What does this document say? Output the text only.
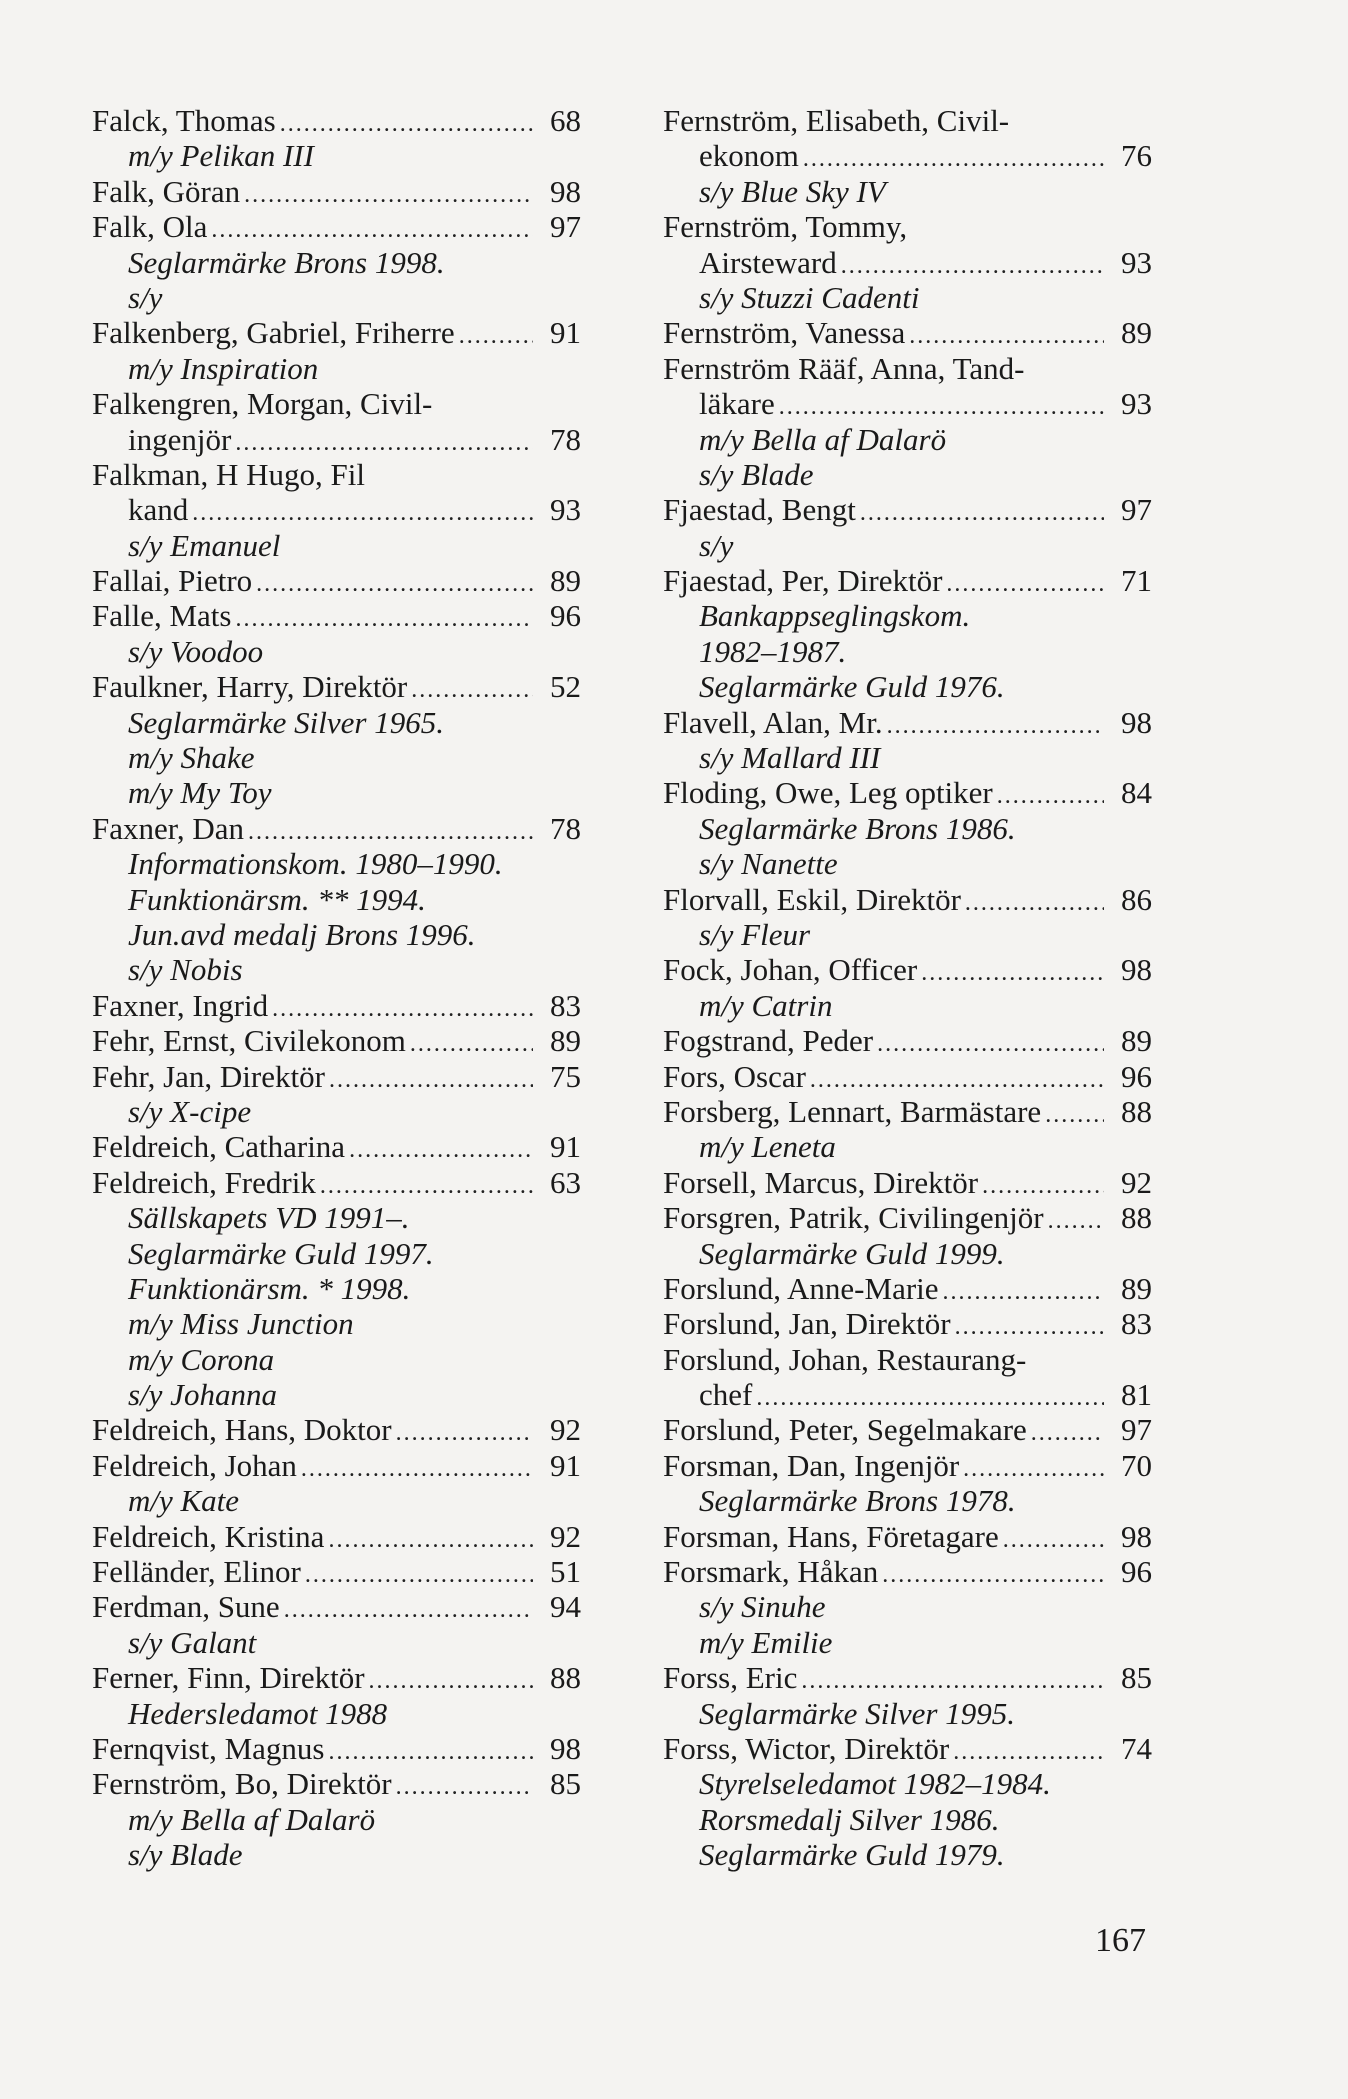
Falck, Thomas .....	68
m/y Pelikan III
Falk, Göran .....	98
Falk, Ola .....	97
Seglarmärke Brons 1998.
s/y
Falkenberg, Gabriel, Friherre .....	91
m/y Inspiration
Falkengren, Morgan, Civil-
ingenjör .....	78
Falkman, H Hugo, Fil
kand .....	93
s/y Emanuel
Fallai, Pietro .....	89
Falle, Mats .....	96
s/y Voodoo
Faulkner, Harry, Direktör .....	52
Seglarmärke Silver 1965.
m/y Shake
m/y My Toy
Faxner, Dan .....	78
Informationskom. 1980–1990.
Funktionärsm. ** 1994.
Jun.avd medalj Brons 1996.
s/y Nobis
Faxner, Ingrid .....	83
Fehr, Ernst, Civilekonom .....	89
Fehr, Jan, Direktör .....	75
s/y X-cipe
Feldreich, Catharina .....	91
Feldreich, Fredrik .....	63
Sällskapets VD 1991–.
Seglarmärke Guld 1997.
Funktionärsm. * 1998.
m/y Miss Junction
m/y Corona
s/y Johanna
Feldreich, Hans, Doktor .....	92
Feldreich, Johan .....	91
m/y Kate
Feldreich, Kristina .....	92
Felländer, Elinor .....	51
Ferdman, Sune .....	94
s/y Galant
Ferner, Finn, Direktör .....	88
Hedersledamot 1988
Fernqvist, Magnus .....	98
Fernström, Bo, Direktör .....	85
m/y Bella af Dalarö
s/y Blade
Fernström, Elisabeth, Civil-
ekonom .....	76
s/y Blue Sky IV
Fernström, Tommy,
Airsteward .....	93
s/y Stuzzi Cadenti
Fernström, Vanessa .....	89
Fernström Rääf, Anna, Tand-
läkare .....	93
m/y Bella af Dalarö
s/y Blade
Fjaestad, Bengt .....	97
s/y
Fjaestad, Per, Direktör .....	71
Bankappseglingskom.
1982–1987.
Seglarmärke Guld 1976.
Flavell, Alan, Mr. .....	98
s/y Mallard III
Floding, Owe, Leg optiker .....	84
Seglarmärke Brons 1986.
s/y Nanette
Florvall, Eskil, Direktör .....	86
s/y Fleur
Fock, Johan, Officer .....	98
m/y Catrin
Fogstrand, Peder .....	89
Fors, Oscar .....	96
Forsberg, Lennart, Barmästare .....	88
m/y Leneta
Forsell, Marcus, Direktör .....	92
Forsgren, Patrik, Civilingenjör .....	88
Seglarmärke Guld 1999.
Forslund, Anne-Marie .....	89
Forslund, Jan, Direktör .....	83
Forslund, Johan, Restaurang-
chef .....	81
Forslund, Peter, Segelmakare .....	97
Forsman, Dan, Ingenjör .....	70
Seglarmärke Brons 1978.
Forsman, Hans, Företagare .....	98
Forsmark, Håkan .....	96
s/y Sinuhe
m/y Emilie
Forss, Eric .....	85
Seglarmärke Silver 1995.
Forss, Wictor, Direktör .....	74
Styrelseledamot 1982–1984.
Rorsmedalj Silver 1986.
Seglarmärke Guld 1979.
167
